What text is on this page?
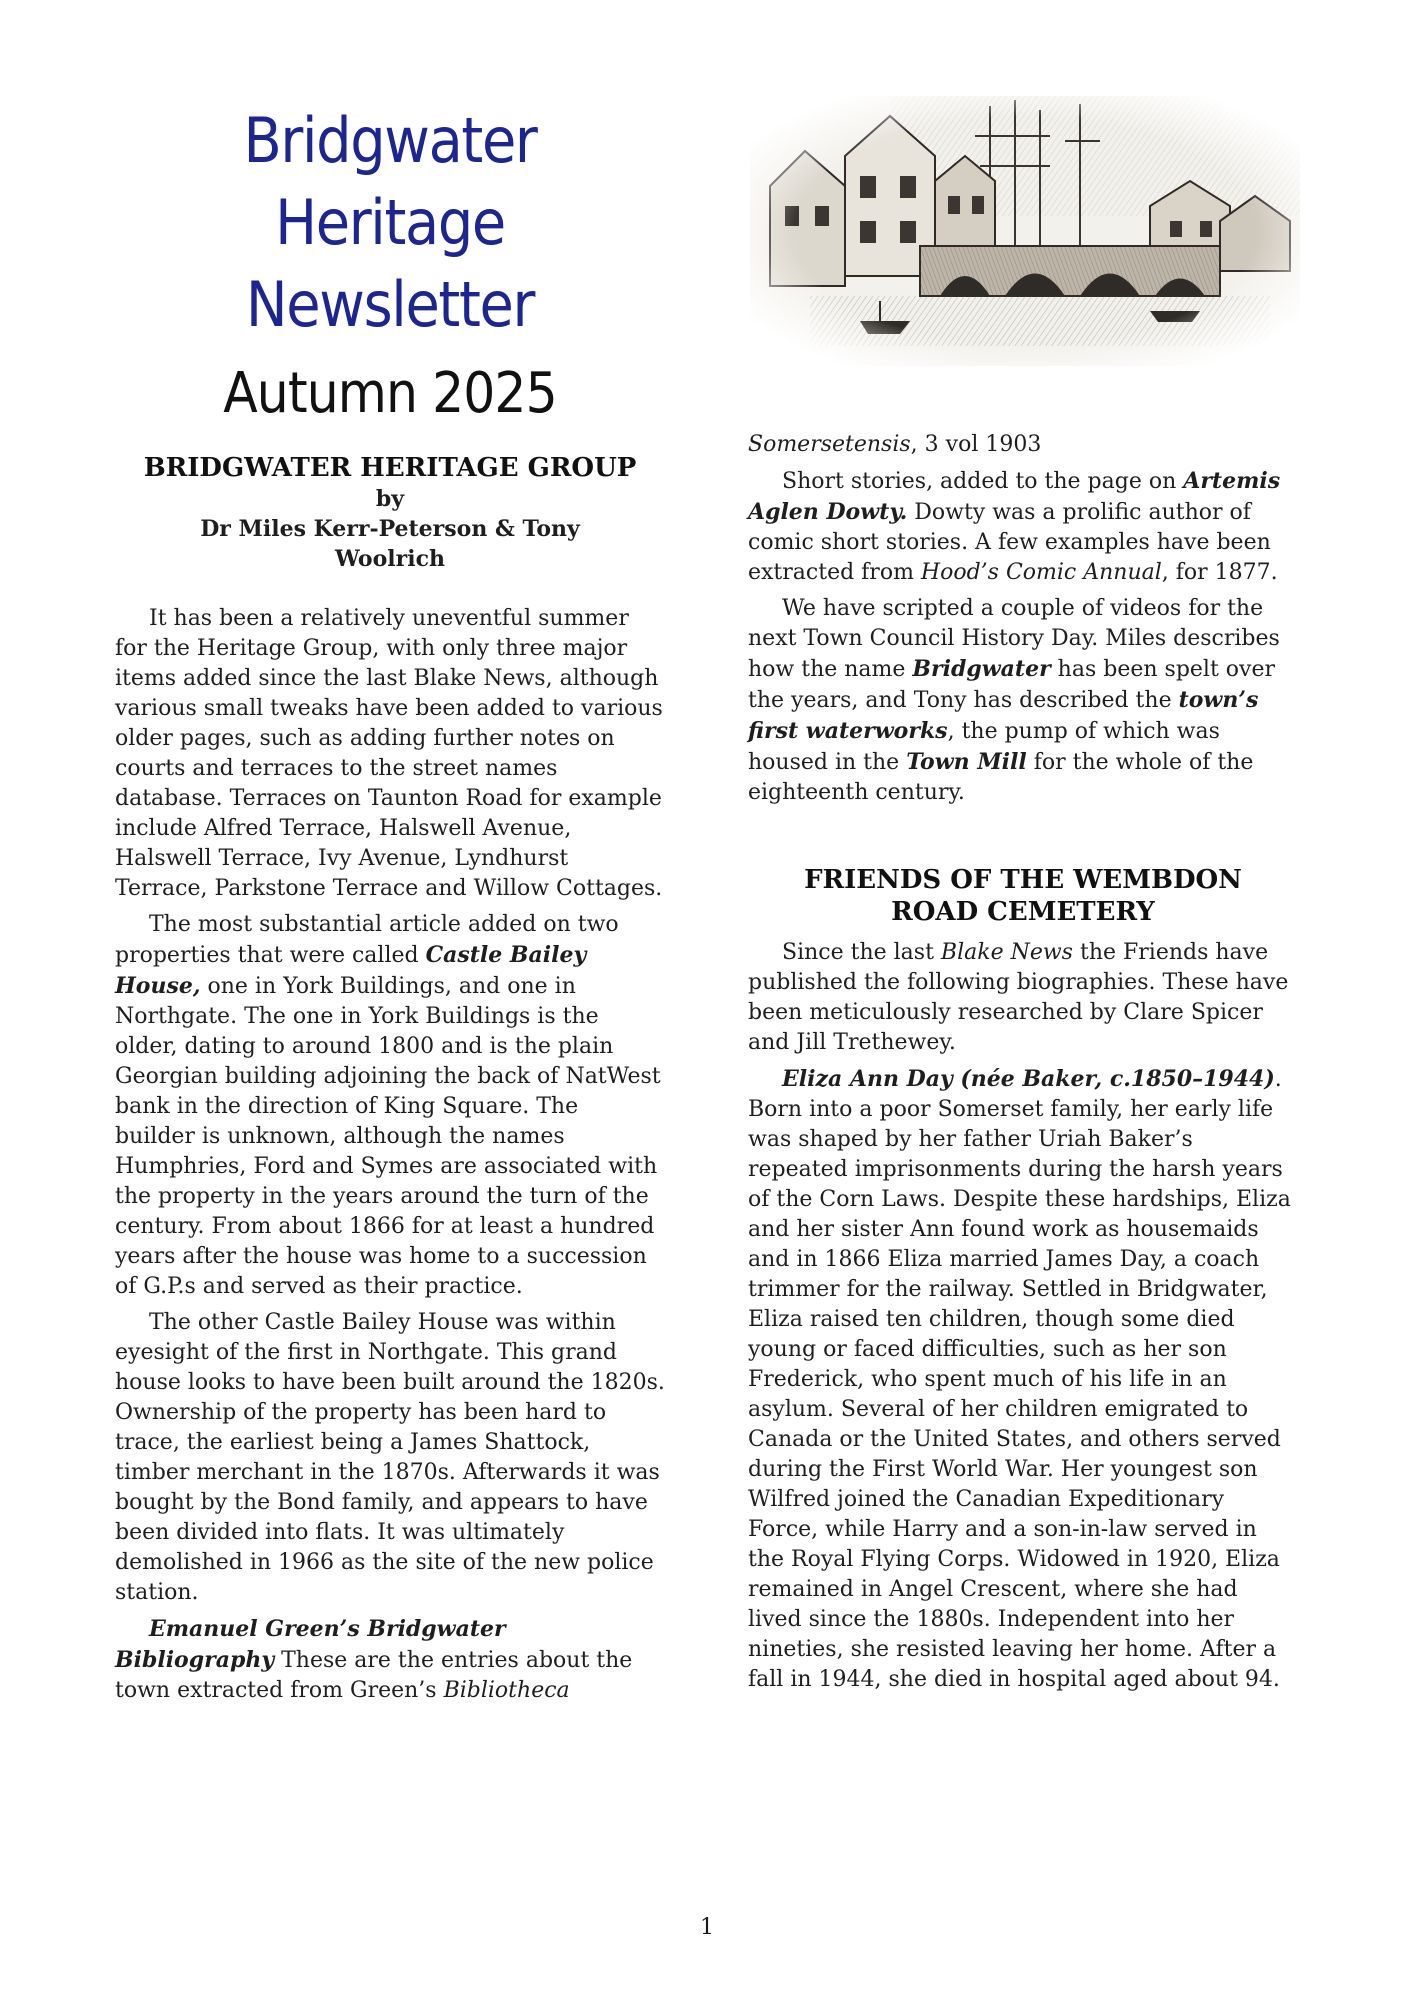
Bridgwater Heritage
Newsletter
Autumn 2025
BRIDGWATER HERITAGE GROUP
by
Dr Miles Kerr-Peterson & Tony Woolrich

It has been a relatively uneventful summer for the Heritage Group, with only three major items added since the last Blake News, although various small tweaks have been added to various older pages, such as adding further notes on courts and terraces to the street names database. Terraces on Taunton Road for example include Alfred Terrace, Halswell Avenue, Halswell Terrace, Ivy Avenue, Lyndhurst Terrace, Parkstone Terrace and Willow Cottages.

The most substantial article added on two properties that were called Castle Bailey House, one in York Buildings, and one in Northgate. The one in York Buildings is the older, dating to around 1800 and is the plain Georgian building adjoining the back of NatWest bank in the direction of King Square. The builder is unknown, although the names Humphries, Ford and Symes are associated with the property in the years around the turn of the century. From about 1866 for at least a hundred years after the house was home to a succession of G.P.s and served as their practice.

The other Castle Bailey House was within eyesight of the first in Northgate. This grand house looks to have been built around the 1820s. Ownership of the property has been hard to trace, the earliest being a James Shattock, timber merchant in the 1870s. Afterwards it was bought by the Bond family, and appears to have been divided into flats. It was ultimately demolished in 1966 as the site of the new police station.

Emanuel Green’s Bridgwater Bibliography These are the entries about the town extracted from Green’s Bibliotheca

Somersetensis, 3 vol 1903

Short stories, added to the page on Artemis Aglen Dowty. Dowty was a prolific author of comic short stories. A few examples have been extracted from Hood’s Comic Annual, for 1877.

We have scripted a couple of videos for the next Town Council History Day. Miles describes how the name Bridgwater has been spelt over the years, and Tony has described the town’s first waterworks, the pump of which was housed in the Town Mill for the whole of the eighteenth century.

FRIENDS OF THE WEMBDON ROAD CEMETERY

Since the last Blake News the Friends have published the following biographies. These have been meticulously researched by Clare Spicer and Jill Trethewey.

Eliza Ann Day (née Baker, c.1850–1944). Born into a poor Somerset family, her early life was shaped by her father Uriah Baker’s repeated imprisonments during the harsh years of the Corn Laws. Despite these hardships, Eliza and her sister Ann found work as housemaids and in 1866 Eliza married James Day, a coach trimmer for the railway. Settled in Bridgwater, Eliza raised ten children, though some died young or faced difficulties, such as her son Frederick, who spent much of his life in an asylum. Several of her children emigrated to Canada or the United States, and others served during the First World War. Her youngest son Wilfred joined the Canadian Expeditionary Force, while Harry and a son-in-law served in the Royal Flying Corps. Widowed in 1920, Eliza remained in Angel Crescent, where she had lived since the 1880s. Independent into her nineties, she resisted leaving her home. After a fall in 1944, she died in hospital aged about 94.

1
